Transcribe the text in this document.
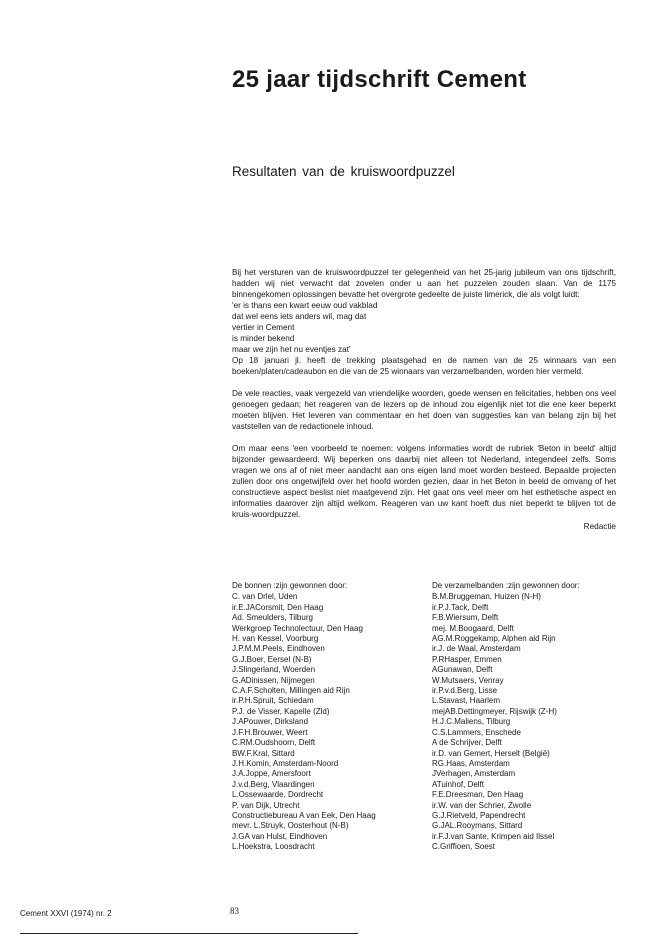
25 jaar tijdschrift Cement
Resultaten van de kruiswoordpuzzel

Bij het versturen van de kruiswoordpuzzel ter gelegenheid van het 25-jarig jubileum van ons tijdschrift, hadden wij niet verwacht dat zovelen onder u aan het puzzelen zouden slaan. Van de 1175 binnengekomen oplossingen bevatte het overgrote gedeelte de juiste limerick, die als volgt luidt:

'er is thans een kwart eeuw oud vakblad
dat wel eens iets anders wil, mag dat
vertier in Cement
is minder bekend
maar we zijn het nu eventjes zat'

Op 18 januari jl. heeft de trekking plaatsgehad en de namen van de 25 winnaars van een boeken/platen/cadeaubon en die van de 25 winnaars van verzamelbanden, worden hier vermeld.

De vele reacties, vaak vergezeld van vriendelijke woorden, goede wensen en felicitaties, hebben ons veel genoegen gedaan; het reageren van de lezers op de inhoud zou eigenlijk niet tot die ene keer beperkt moeten blijven. Het leveren van commentaar en het doen van suggesties kan van belang zijn bij het vaststellen van de redactionele inhoud.

Om maar eens 'een voorbeeld te noemen: volgens informaties wordt de rubriek 'Beton in beeld' altijd bijzonder gewaardeerd. Wij beperken ons daarbij niet alleen tot Nederland, integendeel zelfs. Soms vragen we ons af of niet meer aandacht aan ons eigen land moet worden besteed. Bepaalde projecten zullen door ons ongetwijfeld over het hoofd worden gezien, daar in het Beton in beeld de omvang of het constructieve aspect beslist niet maatgevend zijn. Het gaat ons veel meer om het esthetische aspect en informaties daarover zijn altijd welkom. Reageren van uw kant hoeft dus niet beperkt te blijven tot de kruis-woordpuzzel.

Redactie
De bonnen :zijn gewonnen door:
C. van Drlel, Uden
ir.E.JACorsmit, Den Haag
Ad. Smeulders, Tilburg
Werkgroep Technolectuur, Den Haag
H. van Kessel, Voorburg
J.P.M.M.Peels, Eindhoven
G.J.Boer, Eersel (N-B)
J.Slingerland, Woerden
G.ADinissen, Nijmegen
C.A.F.Scholten, Millingen aid Rijn
ir.P.H.Spruit, Schiedam
P.J. de Visser, Kapelle (Zld)
J.APouwer, Dirksland
J.F.H.Brouwer, Weert
C.RM.Oudshoorn, Delft
BW.F.Kral, Sittard
J.H.Komin, Amsterdam-Noord
J.A.Joppe, Amersfoort
J.v.d.Berg, Vlaardingen
L.Ossewaarde, Dordrecht
P. van Dijk, Utrecht
Constructiebureau A van Eek, Den Haag
mevr. L.Struyk, Oosterhout (N-B)
J.GA van Hulst, Eindhoven
L.Hoekstra, Loosdracht
De verzamelbanden :zijn gewonnen door:
B.M.Bruggeman, Huizen (N-H)
ir.P.J.Tack, Delft
F.B.Wiersum, Delft
mej. M.Boogaard, Delft
AG.M.Roggekamp, Alphen aid Rijn
ir.J. de Waal, Amsterdam
P.RHasper, Emmen
AGunawan, Delft
W.Mutsaers, Venray
ir.P.v.d.Berg, Lisse
L.Stavast, Haarlem
mejAB.Dettingmeyer, Rijswijk (Z-H)
H.J.C.Maliens, Tilburg
C.S.Lammers, Enschede
A de Schrijver, Delft
ir.D. van Gemert, Herselt (België)
RG.Haas, Amsterdam
JVerhagen, Amsterdam
ATuinhof, Delft
F.E.Dreesman, Den Haag
ir.W. van der Schrier, Zwolle
G.J.Rietveld, Papendrecht
G.JAL.Rooymans, Sittard
ir.F.J.van Sante, Krimpen aid Ilssel
C.Griffioen, Soest
Cement XXVI (1974) nr. 2	83
